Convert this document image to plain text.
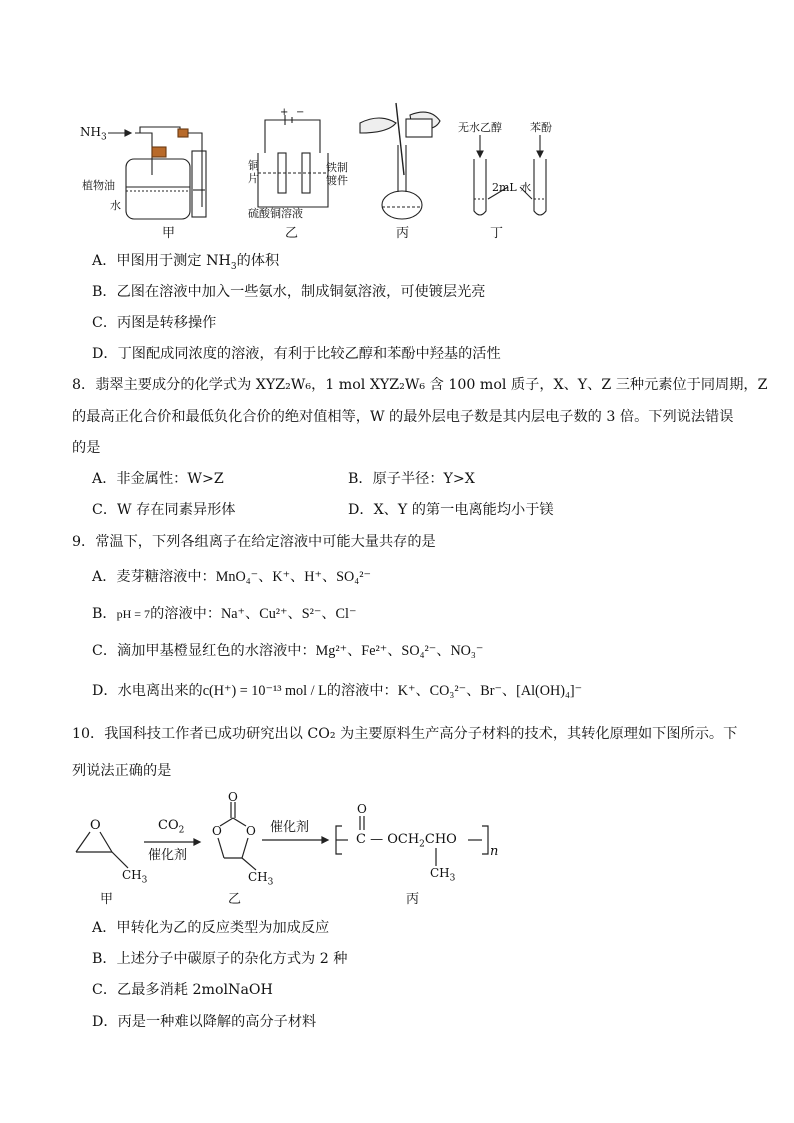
$NH_3$
植物油
水
甲
+ −
铜
片
铁制
镀件
硫酸铜溶液
乙	丙
无水乙醇	苯酚
2mL 水
丁
A．甲图用于测定 $NH_3$的体积
B．乙图在溶液中加入一些氨水，制成铜氨溶液，可使镀层光亮
C．丙图是转移操作
D．丁图配成同浓度的溶液，有利于比较乙醇和苯酚中羟基的活性
8．翡翠主要成分的化学式为 XYZ₂W₆，1 mol XYZ₂W₆ 含 100 mol 质子，X、Y、Z 三种元素位于同周期，Z
的最高正化合价和最低负化合价的绝对值相等，W 的最外层电子数是其内层电子数的 3 倍。下列说法错误
的是
A．非金属性：W>Z	B．原子半径：Y>X
C．W 存在同素异形体	D．X、Y 的第一电离能均小于镁
9．常温下，下列各组离子在给定溶液中可能大量共存的是
A．麦芽糖溶液中：MnO₄⁻、K⁺、H⁺、SO₄²⁻
B．pH = 7的溶液中：Na⁺、Cu²⁺、S²⁻、Cl⁻
C．滴加甲基橙显红色的水溶液中：Mg²⁺、Fe²⁺、SO₄²⁻、NO₃⁻
D．水电离出来的c(H⁺) = 10⁻¹³ mol / L的溶液中：K⁺、CO₃²⁻、Br⁻、[Al(OH)₄]⁻
10．我国科技工作者已成功研究出以 CO₂ 为主要原料生产高分子材料的技术，其转化原理如下图所示。下
列说法正确的是
O
$CH_3$
$CO_2$
催化剂
O
O O
$CH_3$
催化剂
O
C — $OCH_2CHO$
n
$CH_3$
甲	乙	丙
A．甲转化为乙的反应类型为加成反应
B．上述分子中碳原子的杂化方式为 2 种
C．乙最多消耗 2molNaOH
D．丙是一种难以降解的高分子材料
